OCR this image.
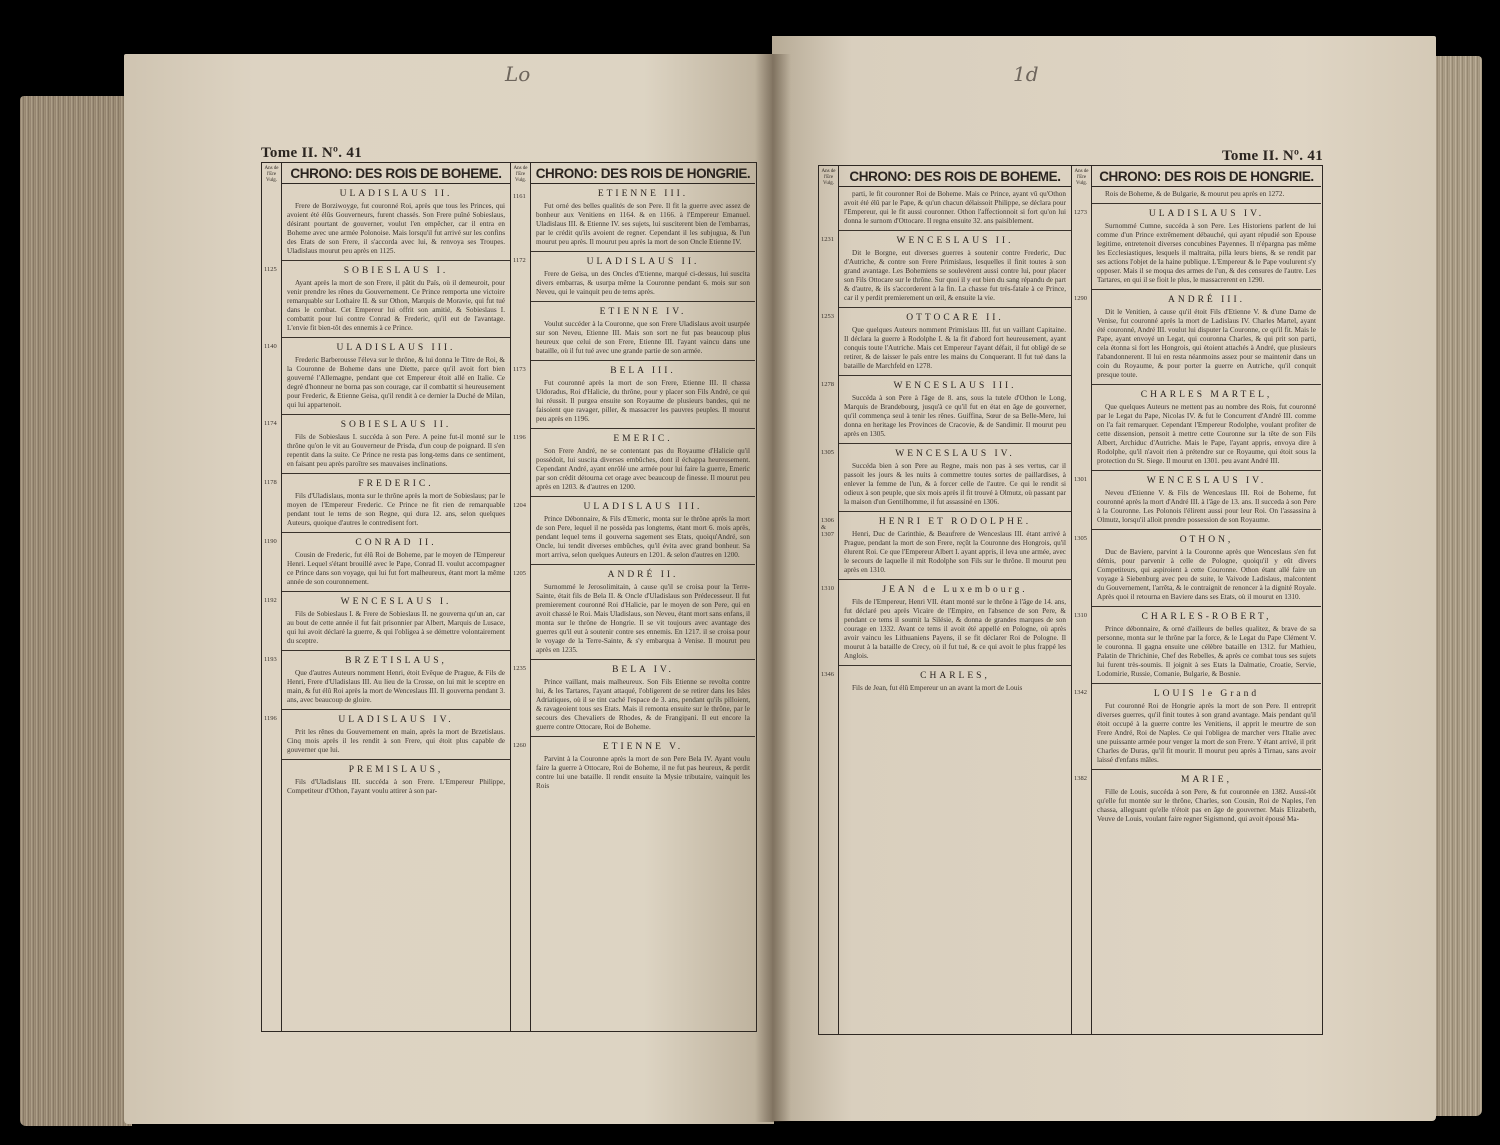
Lo	1d
Tome II. Nº. 41
Ans de l'Ere Vulg.
1125
1140
1174
1178
1190
1192
1193
1196
CHRONO: DES ROIS DE BOHEME.
ULADISLAUS II.
Frere de Borziwoyge, fut couronné Roi, après que tous les Princes, qui avoient été élûs Gouverneurs, furent chassés. Son Frere puîné Sobieslaus, désirant pourtant de gouverner, voulut l'en empêcher, car il entra en Boheme avec une armée Polonoise. Mais lorsqu'il fut arrivé sur les confins des Etats de son Frere, il s'accorda avec lui, & renvoya ses Troupes. Uladislaus mourut peu après en 1125.
SOBIESLAUS I.
Ayant après la mort de son Frere, il pâtit du Païs, où il demeuroit, pour venir prendre les rênes du Gouvernement. Ce Prince remporta une victoire remarquable sur Lothaire II. & sur Othon, Marquis de Moravie, qui fut tué dans le combat. Cet Empereur lui offrit son amitié, & Sobieslaus I. combattit pour lui contre Conrad & Frederic, qu'il eut de l'avantage. L'envie fit bien-tôt des ennemis à ce Prince.
ULADISLAUS III.
Frederic Barberousse l'éleva sur le thrône, & lui donna le Titre de Roi, & la Couronne de Boheme dans une Diette, parce qu'il avoit fort bien gouverné l'Allemagne, pendant que cet Empereur étoit allé en Italie. Ce degré d'honneur ne borna pas son courage, car il combattit si heureusement pour Frederic, & Etienne Geisa, qu'il rendit à ce dernier la Duché de Milan, qui lui appartenoit.
SOBIESLAUS II.
Fils de Sobieslaus I. succéda à son Pere. A peine fut-il monté sur le thrône qu'on le vit au Gouverneur de Prisda, d'un coup de poignard. Il s'en repentit dans la suite. Ce Prince ne resta pas long-tems dans ce sentiment, en faisant peu après paroître ses mauvaises inclinations.
FREDERIC.
Fils d'Uladislaus, monta sur le thrône après la mort de Sobieslaus; par le moyen de l'Empereur Frederic. Ce Prince ne fit rien de remarquable pendant tout le tems de son Regne, qui dura 12. ans, selon quelques Auteurs, quoique d'autres le contredisent fort.
CONRAD II.
Cousin de Frederic, fut élû Roi de Boheme, par le moyen de l'Empereur Henri. Lequel s'étant brouillé avec le Pape, Conrad II. voulut accompagner ce Prince dans son voyage, qui lui fut fort malheureux, étant mort la même année de son couronnement.
WENCESLAUS I.
Fils de Sobieslaus I. & Frere de Sobieslaus II. ne gouverna qu'un an, car au bout de cette année il fut fait prisonnier par Albert, Marquis de Lusace, qui lui avoit déclaré la guerre, & qui l'obligea à se démettre volontairement du sceptre.
BRZETISLAUS,
Que d'autres Auteurs nomment Henri, étoit Evêque de Prague, & Fils de Henri, Frere d'Uladislaus III. Au lieu de la Crosse, on lui mit le sceptre en main, & fut élû Roi après la mort de Wenceslaus III. Il gouverna pendant 3. ans, avec beaucoup de gloire.
ULADISLAUS IV.
Prit les rênes du Gouvernement en main, après la mort de Brzetislaus. Cinq mois après il les rendit à son Frere, qui étoit plus capable de gouverner que lui.
PREMISLAUS,
Fils d'Uladislaus III. succéda à son Frere. L'Empereur Philippe, Competiteur d'Othon, l'ayant voulu attirer à son par-
Ans de l'Ere Vulg.
1161
1172
1173
1196
1204
1205
1235
1260
CHRONO: DES ROIS DE HONGRIE.
ETIENNE III.
Fut orné des belles qualités de son Pere. Il fit la guerre avec assez de bonheur aux Venitiens en 1164. & en 1166. à l'Empereur Emanuel. Uladislaus III. & Etienne IV. ses sujets, lui susciterent bien de l'embarras, par le crédit qu'ils avoient de regner. Cependant il les subjugua, & l'un mourut peu après. Il mourut peu après la mort de son Oncle Etienne IV.
ULADISLAUS II.
Frere de Geisa, un des Oncles d'Etienne, marqué ci-dessus, lui suscita divers embarras, & usurpa même la Couronne pendant 6. mois sur son Neveu, qui le vainquit peu de tems après.
ETIENNE IV.
Voulut succéder à la Couronne, que son Frere Uladislaus avoit usurpée sur son Neveu, Etienne III. Mais son sort ne fut pas beaucoup plus heureux que celui de son Frere, Etienne III. l'ayant vaincu dans une bataille, où il fut tué avec une grande partie de son armée.
BELA III.
Fut couronné après la mort de son Frere, Etienne III. Il chassa Uldoradus, Roi d'Halicie, du thrône, pour y placer son Fils André, ce qui lui réussit. Il purgea ensuite son Royaume de plusieurs bandes, qui ne faisoient que ravager, piller, & massacrer les pauvres peuples. Il mourut peu après en 1196.
EMERIC.
Son Frere André, ne se contentant pas du Royaume d'Halicie qu'il possédoit, lui suscita diverses embûches, dont il échappa heureusement. Cependant André, ayant enrôlé une armée pour lui faire la guerre, Emeric par son crédit détourna cet orage avec beaucoup de finesse. Il mourut peu après en 1203. & d'autres en 1200.
ULADISLAUS III.
Prince Débonnaire, & Fils d'Emeric, monta sur le thrône après la mort de son Pere, lequel il ne possèda pas longtems, étant mort 6. mois après, pendant lequel tems il gouverna sagement ses Etats, quoiqu'André, son Oncle, lui tendit diverses embûches, qu'il évita avec grand bonheur. Sa mort arriva, selon quelques Auteurs en 1201. & selon d'autres en 1200.
ANDRÉ II.
Surnommé le Jerosolimitain, à cause qu'il se croisa pour la Terre-Sainte, était fils de Bela II. & Oncle d'Uladislaus son Prédecesseur. Il fut premierement couronné Roi d'Halicie, par le moyen de son Pere, qui en avoit chassé le Roi. Mais Uladislaus, son Neveu, étant mort sans enfans, il monta sur le thrône de Hongrie. Il se vit toujours avec avantage des guerres qu'il eut à soutenir contre ses ennemis. En 1217. il se croisa pour le voyage de la Terre-Sainte, & s'y embarqua à Venise. Il mourut peu après en 1235.
BELA IV.
Prince vaillant, mais malheureux. Son Fils Etienne se revolta contre lui, & les Tartares, l'ayant attaqué, l'obligerent de se retirer dans les Isles Adriatiques, où il se tint caché l'espace de 3. ans, pendant qu'ils pilloient, & ravageoient tous ses Etats. Mais il remonta ensuite sur le thrône, par le secours des Chevaliers de Rhodes, & de Frangipani. Il eut encore la guerre contre Ottocare, Roi de Boheme.
ETIENNE V.
Parvint à la Couronne après la mort de son Pere Bela IV. Ayant voulu faire la guerre à Ottocare, Roi de Boheme, il ne fut pas heureux, & perdit contre lui une bataille. Il rendit ensuite la Mysie tributaire, vainquit les Rois
Tome II. Nº. 41
Ans de l'Ere Vulg.
1231
1253
1278
1305
1306 & 1307
1310
1346
CHRONO: DES ROIS DE BOHEME.
parti, le fit couronner Roi de Boheme. Mais ce Prince, ayant vû qu'Othon avoit été élû par le Pape, & qu'un chacun délaissoit Philippe, se déclara pour l'Empereur, qui le fit aussi couronner. Othon l'affectionnoit si fort qu'on lui donna le surnom d'Ottocare. Il regna ensuite 32. ans paisiblement.
WENCESLAUS II.
Dit le Borgne, eut diverses guerres à soutenir contre Frederic, Duc d'Autriche, & contre son Frere Primislaus, lesquelles il finit toutes à son grand avantage. Les Bohemiens se soulevèrent aussi contre lui, pour placer son Fils Ottocare sur le thrône. Sur quoi il y eut bien du sang répandu de part & d'autre, & ils s'accorderent à la fin. La chasse fut très-fatale à ce Prince, car il y perdit premierement un œil, & ensuite la vie.
OTTOCARE II.
Que quelques Auteurs nomment Primislaus III. fut un vaillant Capitaine. Il déclara la guerre à Rodolphe I. & la fit d'abord fort heureusement, ayant conquis toute l'Autriche. Mais cet Empereur l'ayant défait, il fut obligé de se retirer, & de laisser le païs entre les mains du Conquerant. Il fut tué dans la bataille de Marchfeld en 1278.
WENCESLAUS III.
Succéda à son Pere à l'âge de 8. ans, sous la tutele d'Othon le Long, Marquis de Brandebourg, jusqu'à ce qu'il fut en état en âge de gouverner, qu'il commença seul à tenir les rênes. Guiffina, Sœur de sa Belle-Mere, lui donna en heritage les Provinces de Cracovie, & de Sandimir. Il mourut peu après en 1305.
WENCESLAUS IV.
Succéda bien à son Pere au Regne, mais non pas à ses vertus, car il passoit les jours & les nuits à commettre toutes sortes de paillardises, à enlever la femme de l'un, & à forcer celle de l'autre. Ce qui le rendit si odieux à son peuple, que six mois après il fit trouvé à Olmutz, où passant par la maison d'un Gentilhomme, il fut assassiné en 1306.
HENRI ET RODOLPHE.
Henri, Duc de Carinthie, & Beaufrere de Wenceslaus III. étant arrivé à Prague, pendant la mort de son Frere, reçût la Couronne des Hongrois, qu'il élurent Roi. Ce que l'Empereur Albert I. ayant appris, il leva une armée, avec le secours de laquelle il mit Rodolphe son Fils sur le thrône. Il mourut peu après en 1310.
JEAN de Luxembourg.
Fils de l'Empereur, Henri VII. étant monté sur le thrône à l'âge de 14. ans, fut déclaré peu après Vicaire de l'Empire, en l'absence de son Pere, & pendant ce tems il soumit la Silésie, & donna de grandes marques de son courage en 1332. Avant ce tems il avoit été appellé en Pologne, où après avoir vaincu les Lithuaniens Payens, il se fit déclarer Roi de Pologne. Il mourut à la bataille de Crecy, où il fut tué, & ce qui avoit le plus frappé les Anglois.
CHARLES,
Fils de Jean, fut élû Empereur un an avant la mort de Louis
Ans de l'Ere Vulg.
1273
1290
1301
1305
1310
1342
1382
CHRONO: DES ROIS DE HONGRIE.
Rois de Boheme, & de Bulgarie, & mourut peu après en 1272.
ULADISLAUS IV.
Surnommé Cumne, succéda à son Pere. Les Historiens parlent de lui comme d'un Prince extrêmement débauché, qui ayant répudié son Epouse legitime, entretenoit diverses concubines Payennes. Il n'épargna pas même les Ecclesiastiques, lesquels il maltraita, pilla leurs biens, & se rendit par ses actions l'objet de la haine publique. L'Empereur & le Pape voulurent s'y opposer. Mais il se moqua des armes de l'un, & des censures de l'autre. Les Tartares, en qui il se fioit le plus, le massacrerent en 1290.
ANDRÉ III.
Dit le Venitien, à cause qu'il étoit Fils d'Etienne V. & d'une Dame de Venise, fut couronné après la mort de Ladislaus IV. Charles Martel, ayant été couronné, André III. voulut lui disputer la Couronne, ce qu'il fit. Mais le Pape, ayant envoyé un Legat, qui couronna Charles, & qui prit son parti, cela étonna si fort les Hongrois, qui étoient attachés à André, que plusieurs l'abandonnerent. Il lui en resta néanmoins assez pour se maintenir dans un coin du Royaume, & pour porter la guerre en Autriche, qu'il conquit presque toute.
CHARLES MARTEL,
Que quelques Auteurs ne mettent pas au nombre des Rois, fut couronné par le Legat du Pape, Nicolas IV. & fut le Concurrent d'André III. comme on l'a fait remarquer. Cependant l'Empereur Rodolphe, voulant profiter de cette dissension, pensoit à mettre cette Couronne sur la tête de son Fils Albert, Archiduc d'Autriche. Mais le Pape, l'ayant appris, envoya dire à Rodolphe, qu'il n'avoit rien à prétendre sur ce Royaume, qui étoit sous la protection du St. Siege. Il mourut en 1301. peu avant André III.
WENCESLAUS IV.
Neveu d'Etienne V. & Fils de Wenceslaus III. Roi de Boheme, fut couronné après la mort d'André III. à l'âge de 13. ans. Il succeda à son Pere à la Couronne. Les Polonois l'élirent aussi pour leur Roi. On l'assassina à Olmutz, lorsqu'il alloit prendre possession de son Royaume.
OTHON,
Duc de Baviere, parvint à la Couronne après que Wenceslaus s'en fut démis, pour parvenir à celle de Pologne, quoiqu'il y eût divers Competiteurs, qui aspiroient à cette Couronne. Othon étant allé faire un voyage à Siebenburg avec peu de suite, le Vaivode Ladislaus, malcontent du Gouvernement, l'arrêta, & le contraignit de renoncer à la dignité Royale. Après quoi il retourna en Baviere dans ses Etats, où il mourut en 1310.
CHARLES-ROBERT,
Prince débonnaire, & orné d'ailleurs de belles qualitez, & brave de sa personne, monta sur le thrône par la force, & le Legat du Pape Clément V. le couronna. Il gagna ensuite une célèbre bataille en 1312. fur Mathieu, Palatin de Thrichinie, Chef des Rebelles, & après ce combat tous ses sujets lui furent très-soumis. Il joignit à ses Etats la Dalmatie, Croatie, Servie, Lodomirie, Russie, Comanie, Bulgarie, & Bosnie.
LOUIS le Grand
Fut couronné Roi de Hongrie après la mort de son Pere. Il entreprit diverses guerres, qu'il finit toutes à son grand avantage. Mais pendant qu'il étoit occupé à la guerre contre les Venitiens, il apprit le meurtre de son Frere André, Roi de Naples. Ce qui l'obligea de marcher vers l'Italie avec une puissante armée pour venger la mort de son Frere. Y étant arrivé, il prit Charles de Duras, qu'il fit mourir. Il mourut peu après à Tirnau, sans avoir laissé d'enfans mâles.
MARIE,
Fille de Louis, succéda à son Pere, & fut couronnée en 1382. Aussi-tôt qu'elle fut montée sur le thrône, Charles, son Cousin, Roi de Naples, l'en chassa, alleguant qu'elle n'étoit pas en âge de gouverner. Mais Elizabeth, Veuve de Louis, voulant faire regner Sigismond, qui avoit épousé Ma-
